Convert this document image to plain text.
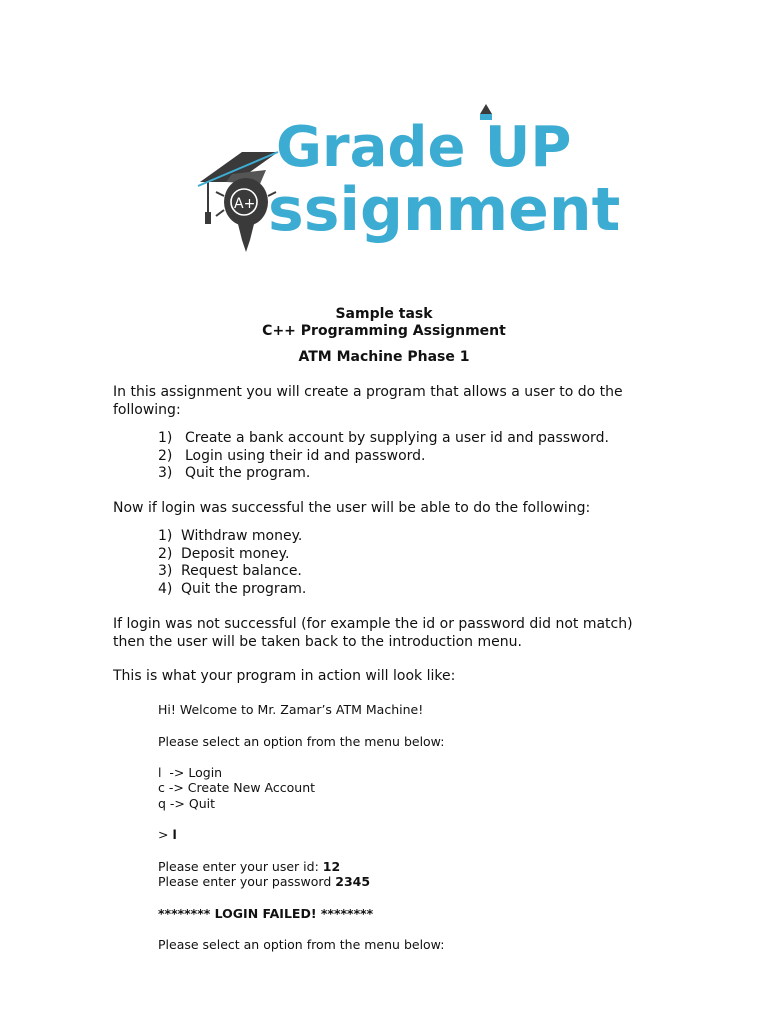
A+
Grade UP
ssignment
Sample task
C++ Programming Assignment
ATM Machine Phase 1
In this assignment you will create a program that allows a user to do the following:
1) Create a bank account by supplying a user id and password.
2) Login using their id and password.
3) Quit the program.
Now if login was successful the user will be able to do the following:
1) Withdraw money.
2) Deposit money.
3) Request balance.
4) Quit the program.
If login was not successful (for example the id or password did not match) then the user will be taken back to the introduction menu.
This is what your program in action will look like:
Hi! Welcome to Mr. Zamar’s ATM Machine!
Please select an option from the menu below:
l  -> Login
c -> Create New Account
q -> Quit
> l
Please enter your user id: 12
Please enter your password 2345
******** LOGIN FAILED! ********
Please select an option from the menu below:
